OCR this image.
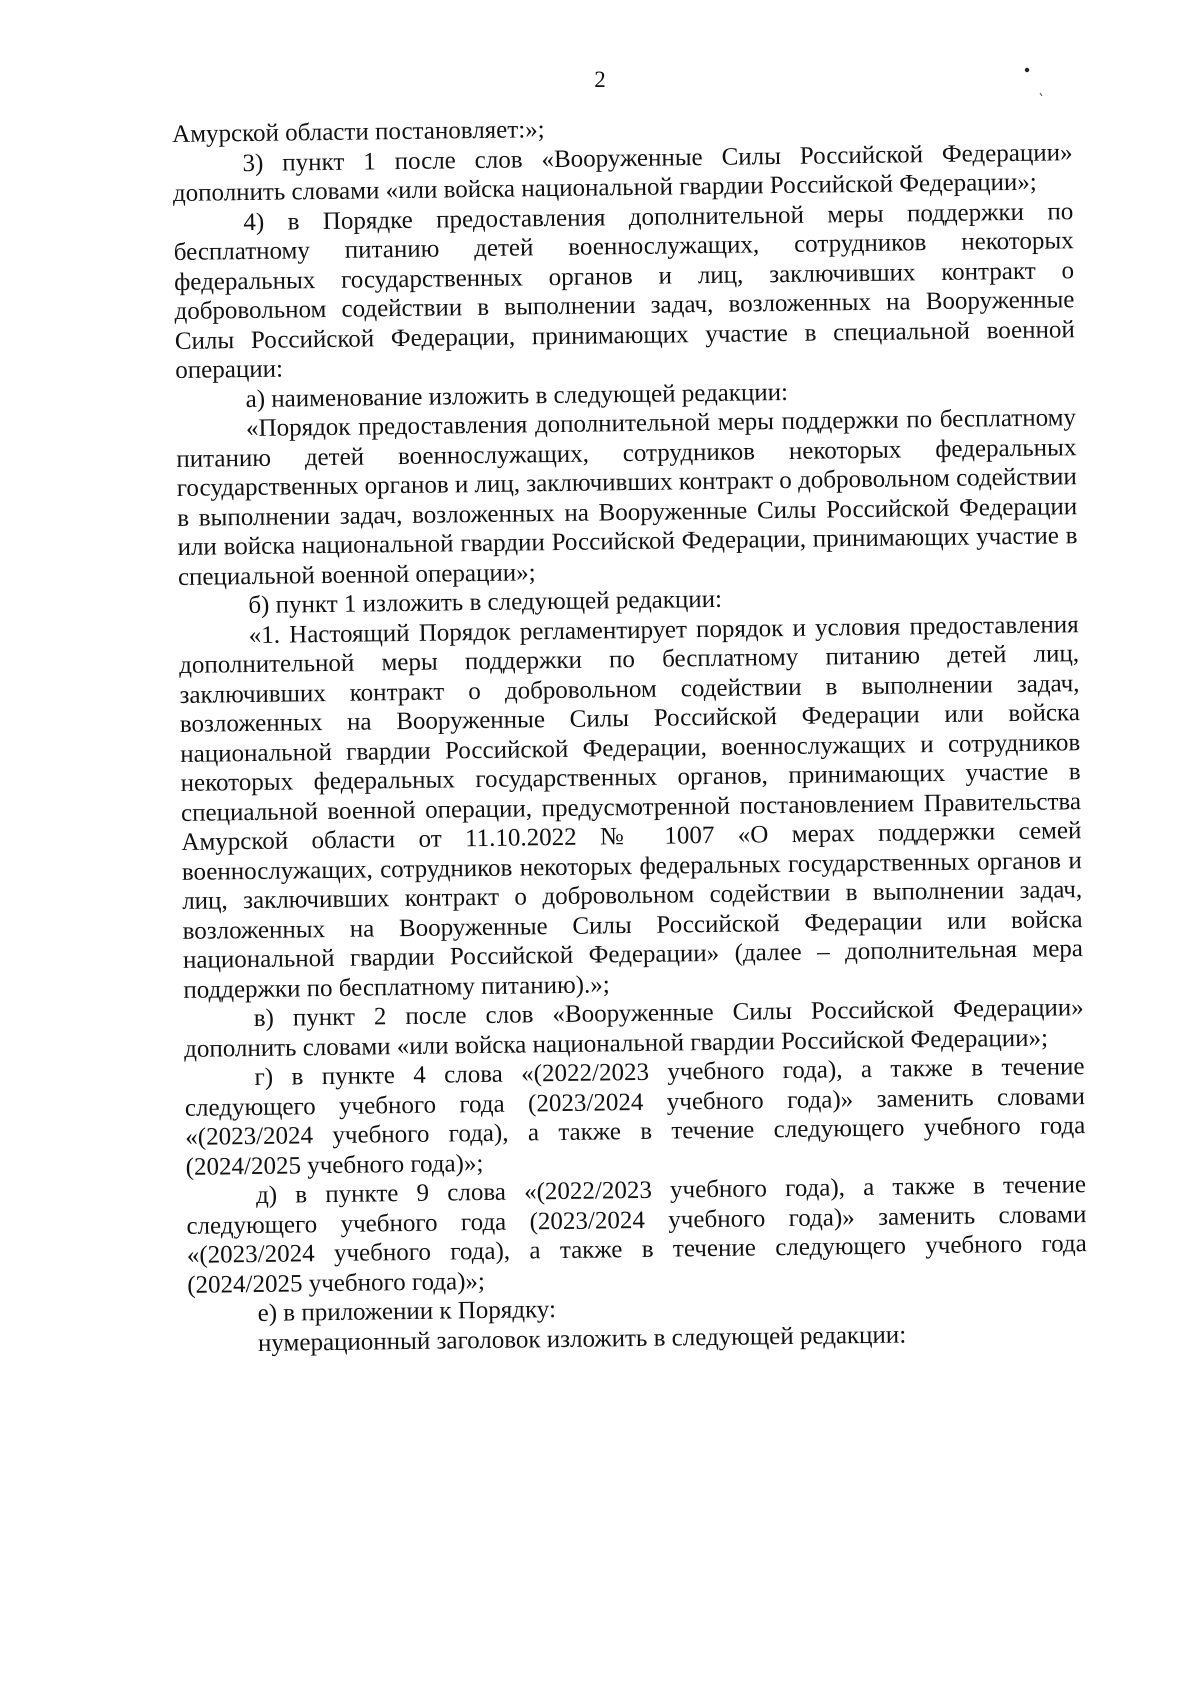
2

Амурской области постановляет:»;

3) пункт 1 после слов «Вооруженные Силы Российской Федерации» дополнить словами «или войска национальной гвардии Российской Федерации»;

4) в Порядке предоставления дополнительной меры поддержки по бесплатному питанию детей военнослужащих, сотрудников некоторых федеральных государственных органов и лиц, заключивших контракт о добровольном содействии в выполнении задач, возложенных на Вооруженные Силы Российской Федерации, принимающих участие в специальной военной операции:

а) наименование изложить в следующей редакции:

«Порядок предоставления дополнительной меры поддержки по бесплатному питанию детей военнослужащих, сотрудников некоторых федеральных государственных органов и лиц, заключивших контракт о добровольном содействии в выполнении задач, возложенных на Вооруженные Силы Российской Федерации или войска национальной гвардии Российской Федерации, принимающих участие в специальной военной операции»;

б) пункт 1 изложить в следующей редакции:

«1. Настоящий Порядок регламентирует порядок и условия предоставления дополнительной меры поддержки по бесплатному питанию детей лиц, заключивших контракт о добровольном содействии в выполнении задач, возложенных на Вооруженные Силы Российской Федерации или войска национальной гвардии Российской Федерации, военнослужащих и сотрудников некоторых федеральных государственных органов, принимающих участие в специальной военной операции, предусмотренной постановлением Правительства Амурской области от 11.10.2022 № 1007 «О мерах поддержки семей военнослужащих, сотрудников некоторых федеральных государственных органов и лиц, заключивших контракт о добровольном содействии в выполнении задач, возложенных на Вооруженные Силы Российской Федерации или войска национальной гвардии Российской Федерации» (далее – дополнительная мера поддержки по бесплатному питанию).»;

в) пункт 2 после слов «Вооруженные Силы Российской Федерации» дополнить словами «или войска национальной гвардии Российской Федерации»;

г) в пункте 4 слова «(2022/2023 учебного года), а также в течение следующего учебного года (2023/2024 учебного года)» заменить словами «(2023/2024 учебного года), а также в течение следующего учебного года (2024/2025 учебного года)»;

д) в пункте 9 слова «(2022/2023 учебного года), а также в течение следующего учебного года (2023/2024 учебного года)» заменить словами «(2023/2024 учебного года), а также в течение следующего учебного года (2024/2025 учебного года)»;

е) в приложении к Порядку:

нумерационный заголовок изложить в следующей редакции:
